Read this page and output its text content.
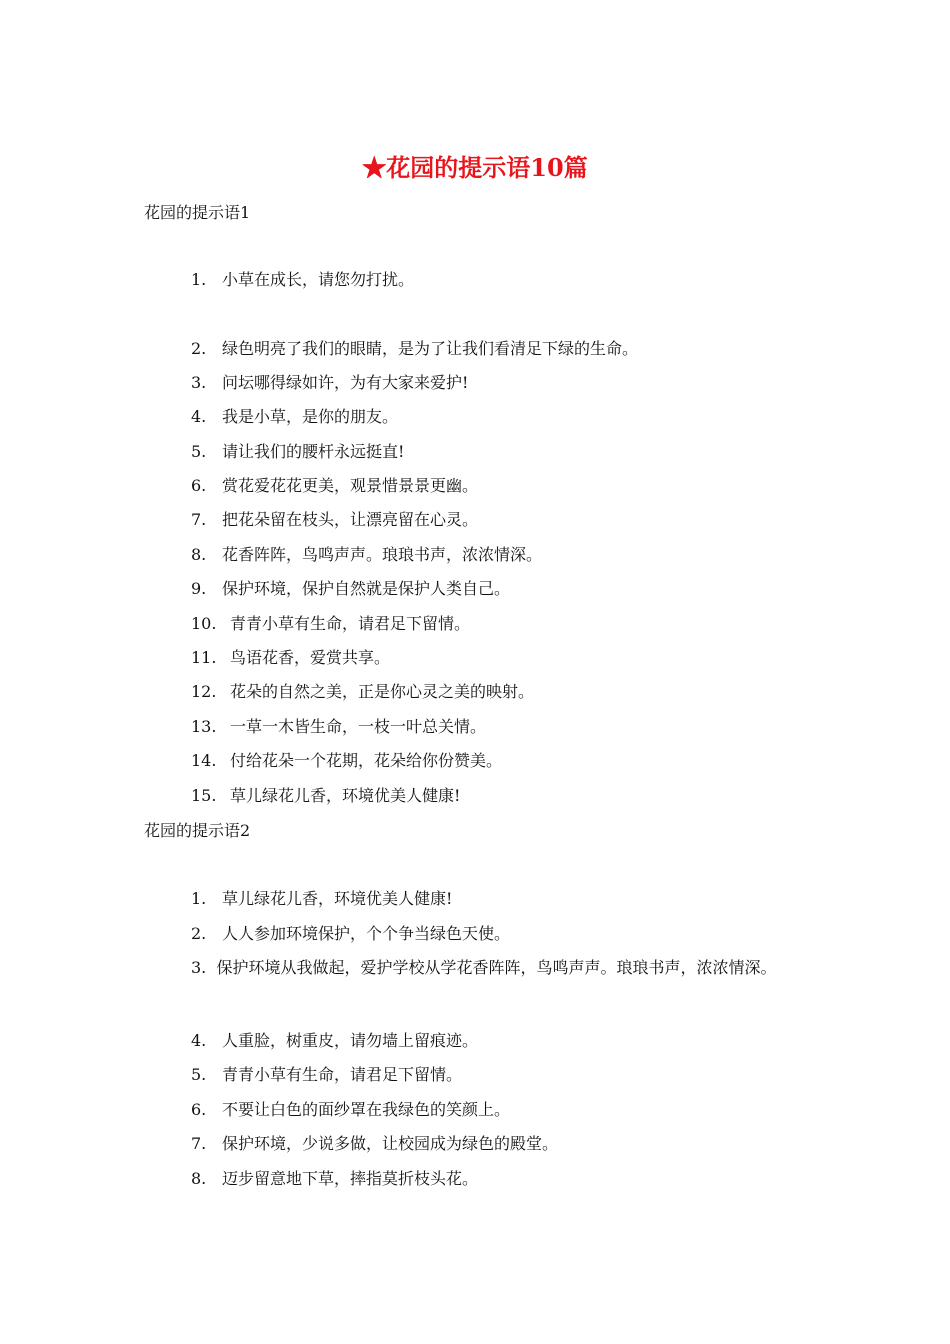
★花园的提示语10篇
花园的提示语1
1. 小草在成长，请您勿打扰。
2. 绿色明亮了我们的眼睛，是为了让我们看清足下绿的生命。
3. 问坛哪得绿如许，为有大家来爱护!
4. 我是小草，是你的朋友。
5. 请让我们的腰杆永远挺直!
6. 赏花爱花花更美，观景惜景景更幽。
7. 把花朵留在枝头，让漂亮留在心灵。
8. 花香阵阵，鸟鸣声声。琅琅书声，浓浓情深。
9. 保护环境，保护自然就是保护人类自己。
10. 青青小草有生命，请君足下留情。
11. 鸟语花香，爱赏共享。
12. 花朵的自然之美，正是你心灵之美的映射。
13. 一草一木皆生命，一枝一叶总关情。
14. 付给花朵一个花期，花朵给你份赞美。
15. 草儿绿花儿香，环境优美人健康!
花园的提示语2
1. 草儿绿花儿香，环境优美人健康!
2. 人人参加环境保护，个个争当绿色天使。
3. 保护环境从我做起，爱护学校从学花香阵阵，鸟鸣声声。琅琅书声，浓浓情深。
4. 人重脸，树重皮，请勿墙上留痕迹。
5. 青青小草有生命，请君足下留情。
6. 不要让白色的面纱罩在我绿色的笑颜上。
7. 保护环境，少说多做，让校园成为绿色的殿堂。
8. 迈步留意地下草，摔指莫折枝头花。
